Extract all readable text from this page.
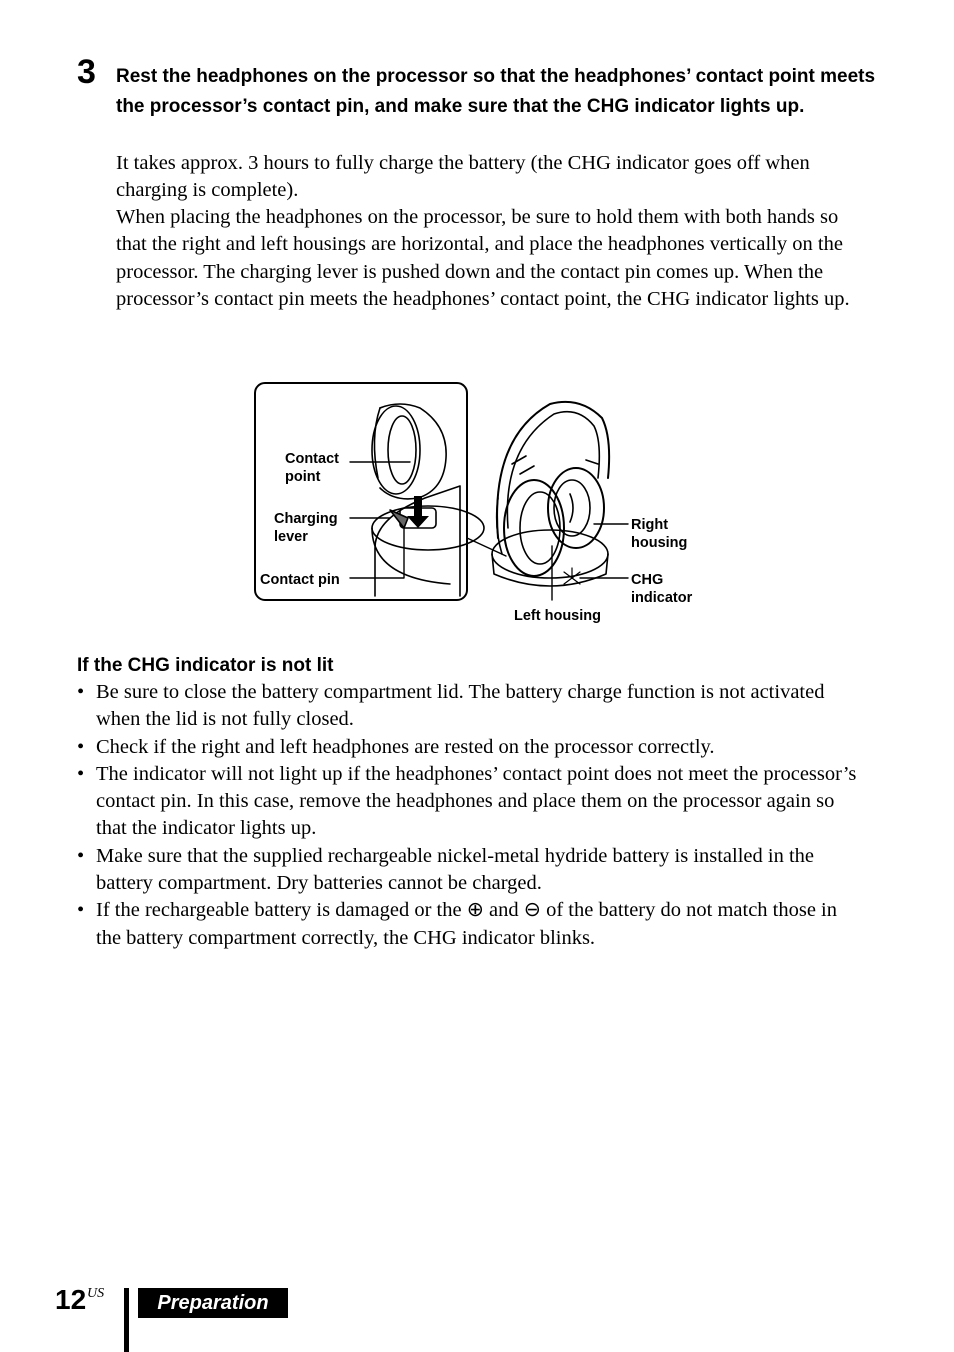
3 Rest the headphones on the processor so that the headphones’ contact point meets the processor’s contact pin, and make sure that the CHG indicator lights up.
It takes approx. 3 hours to fully charge the battery (the CHG indicator goes off when charging is complete).
When placing the headphones on the processor, be sure to hold them with both hands so that the right and left housings are horizontal, and place the headphones vertically on the processor. The charging lever is pushed down and the contact pin comes up. When the processor’s contact pin meets the headphones’ contact point, the CHG indicator lights up.
Contact point
Charging lever
Contact pin
Right housing
CHG indicator
Left housing
If the CHG indicator is not lit
• Be sure to close the battery compartment lid. The battery charge function is not activated when the lid is not fully closed.
• Check if the right and left headphones are rested on the processor correctly.
• The indicator will not light up if the headphones’ contact point does not meet the processor’s contact pin. In this case, remove the headphones and place them on the processor again so that the indicator lights up.
• Make sure that the supplied rechargeable nickel-metal hydride battery is installed in the battery compartment. Dry batteries cannot be charged.
• If the rechargeable battery is damaged or the ⊕ and ⊖ of the battery do not match those in the battery compartment correctly, the CHG indicator blinks.
12 US	Preparation
